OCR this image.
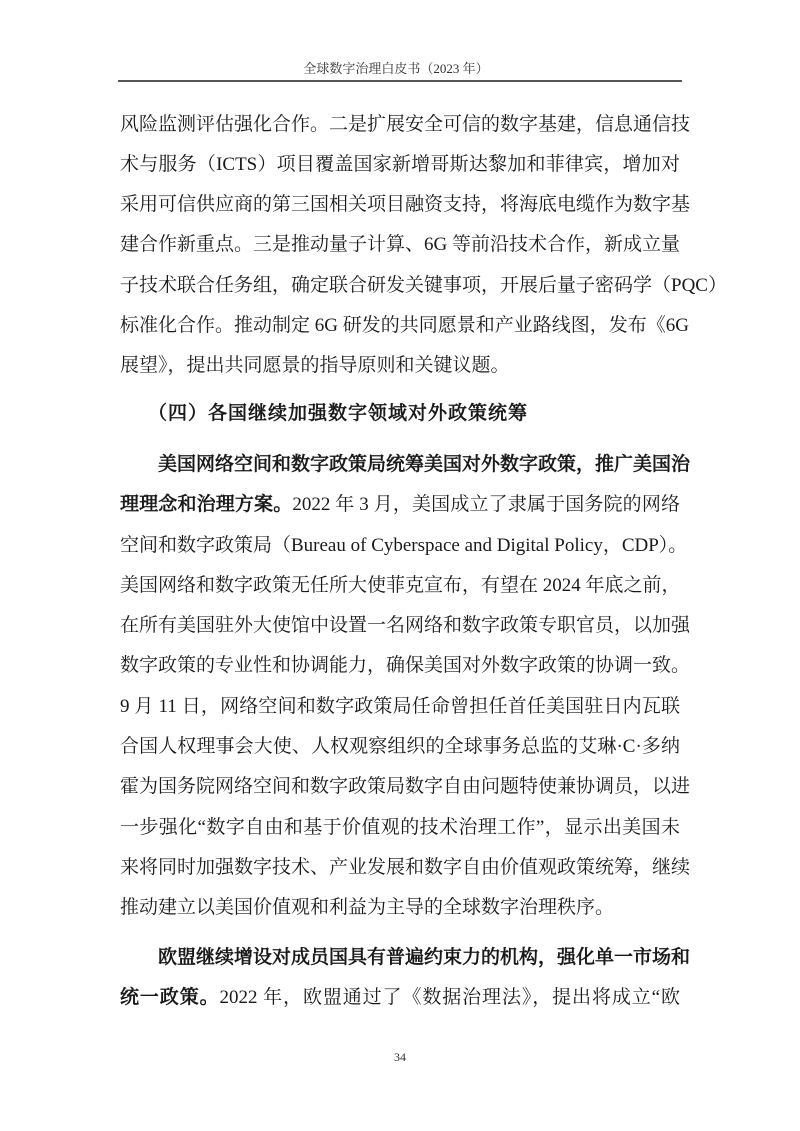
全球数字治理白皮书（2023 年）
（四）各国继续加强数字领域对外政策统筹
风险监测评估强化合作。二是扩展安全可信的数字基建，信息通信技
术与服务（ICTS）项目覆盖国家新增哥斯达黎加和菲律宾，增加对
采用可信供应商的第三国相关项目融资支持，将海底电缆作为数字基
建合作新重点。三是推动量子计算、6G 等前沿技术合作，新成立量
子技术联合任务组，确定联合研发关键事项，开展后量子密码学（PQC）
标准化合作。推动制定 6G 研发的共同愿景和产业路线图，发布《6G
展望》，提出共同愿景的指导原则和关键议题。
美国网络空间和数字政策局统筹美国对外数字政策，推广美国治
理理念和治理方案。2022 年 3 月，美国成立了隶属于国务院的网络
空间和数字政策局（Bureau of Cyberspace and Digital Policy，CDP）。
美国网络和数字政策无任所大使菲克宣布，有望在 2024 年底之前，
在所有美国驻外大使馆中设置一名网络和数字政策专职官员，以加强
数字政策的专业性和协调能力，确保美国对外数字政策的协调一致。
9 月 11 日，网络空间和数字政策局任命曾担任首任美国驻日内瓦联
合国人权理事会大使、人权观察组织的全球事务总监的艾琳·C·多纳
霍为国务院网络空间和数字政策局数字自由问题特使兼协调员，以进
一步强化“数字自由和基于价值观的技术治理工作”，显示出美国未
来将同时加强数字技术、产业发展和数字自由价值观政策统筹，继续
推动建立以美国价值观和利益为主导的全球数字治理秩序。
欧盟继续增设对成员国具有普遍约束力的机构，强化单一市场和
统一政策。2022 年，欧盟通过了《数据治理法》，提出将成立“欧
34
